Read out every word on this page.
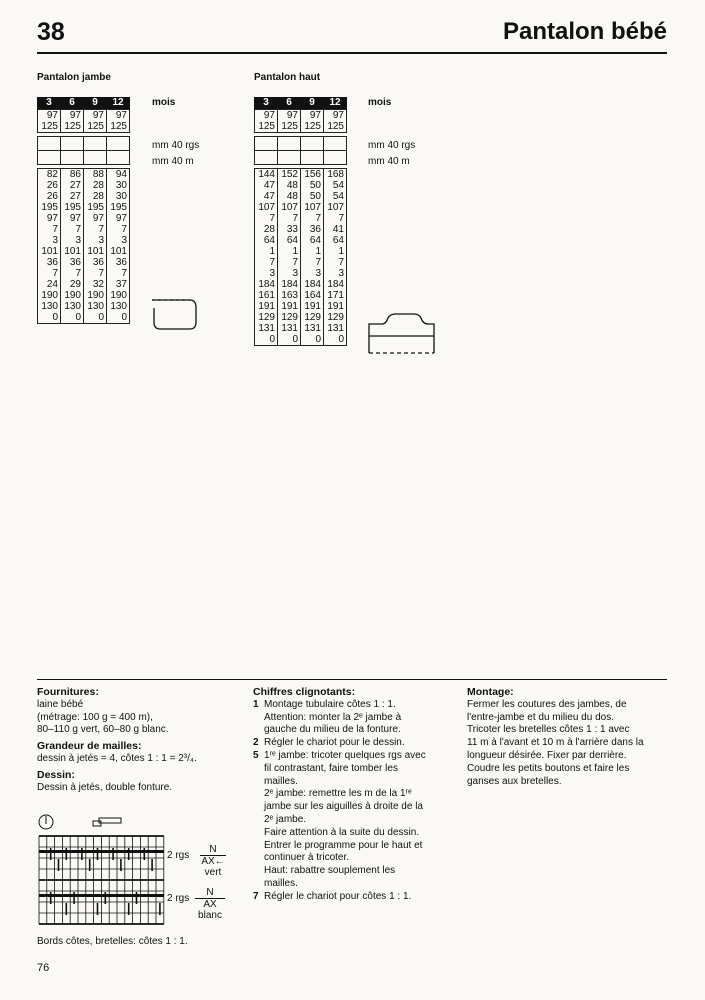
38	Pantalon bébé
Pantalon jambe
3	6	9	12
97	97	97	97
125	125	125	125

82	86	88	94
26	27	28	30
26	27	28	30
195	195	195	195
97	97	97	97
7	7	7	7
3	3	3	3
101	101	101	101
36	36	36	36
7	7	7	7
24	29	32	37
190	190	190	190
130	130	130	130
0	0	0	0
mois
mm 40 rgs
mm 40 m
Pantalon haut
3	6	9	12
97	97	97	97
125	125	125	125

144	152	156	168
47	48	50	54
47	48	50	54
107	107	107	107
7	7	7	7
28	33	36	41
64	64	64	64
1	1	1	1
7	7	7	7
3	3	3	3
184	184	184	184
161	163	164	171
191	191	191	191
129	129	129	129
131	131	131	131
0	0	0	0
mois
mm 40 rgs
mm 40 m
Fournitures:
laine bébé
(métrage: 100 g = 400 m),
80–110 g vert, 60–80 g blanc.
Grandeur de mailles:
dessin à jetés = 4, côtes 1 : 1 = 2³/₄.
Dessin:
Dessin à jetés, double fonture.
2 rgs
N
AX←
vert
2 rgs
N
AX
blanc
Bords côtes, bretelles: côtes 1 : 1.
Chiffres clignotants:
1 Montage tubulaire côtes 1 : 1.
Attention: monter la 2ᵉ jambe à
gauche du milieu de la fonture.
2 Régler le chariot pour le dessin.
5 1ʳᵉ jambe: tricoter quelques rgs avec
fil contrastant, faire tomber les
mailles.
2ᵉ jambe: remettre les m de la 1ʳᵉ
jambe sur les aiguilles à droite de la
2ᵉ jambe.
Faire attention à la suite du dessin.
Entrer le programme pour le haut et
continuer à tricoter.
Haut: rabattre souplement les
mailles.
7 Régler le chariot pour côtes 1 : 1.
Montage:
Fermer les coutures des jambes, de
l'entre-jambe et du milieu du dos.
Tricoter les bretelles côtes 1 : 1 avec
11 m à l'avant et 10 m à l'arrière dans la
longueur désirée. Fixer par derrière.
Coudre les petits boutons et faire les
ganses aux bretelles.
76
